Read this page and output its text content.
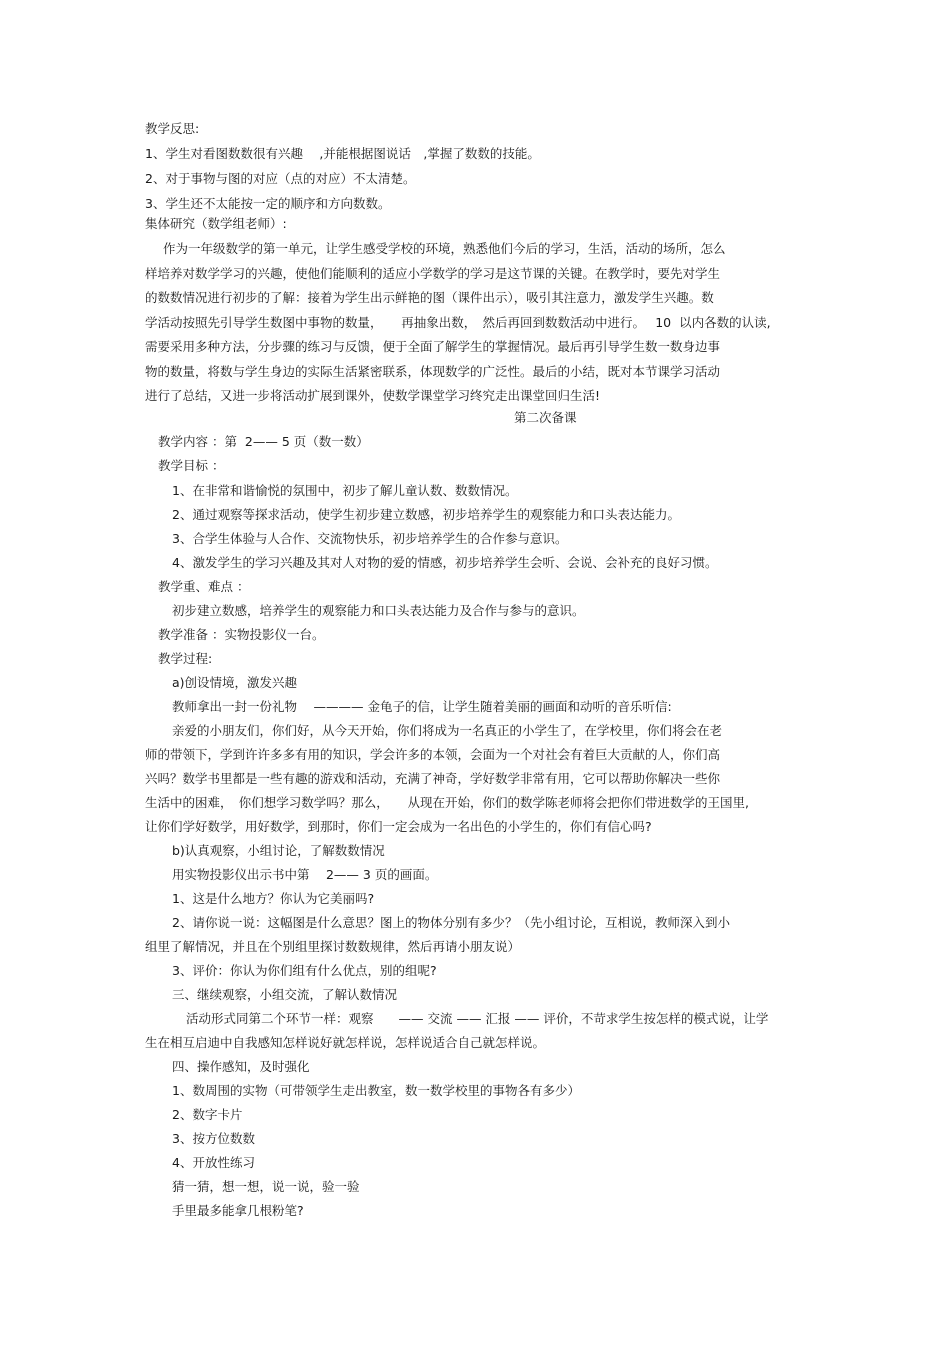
教学反思:
1、学生对看图数数很有兴趣　 ,并能根据图说话　,掌握了数数的技能。
2、对于事物与图的对应（点的对应）不太清楚。
3、学生还不太能按一定的顺序和方向数数。
集体研究（数学组老师）:
作为一年级数学的第一单元，让学生感受学校的环境，熟悉他们今后的学习，生活，活动的场所，怎么
样培养对数学学习的兴趣，使他们能顺利的适应小学数学的学习是这节课的关键。在教学时，要先对学生
的数数情况进行初步的了解：接着为学生出示鲜艳的图（课件出示），吸引其注意力，激发学生兴趣。数
学活动按照先引导学生数图中事物的数量，　　再抽象出数，　然后再回到数数活动中进行。　 10  以内各数的认读,
需要采用多种方法，分步骤的练习与反馈，便于全面了解学生的掌握情况。最后再引导学生数一数身边事
物的数量，将数与学生身边的实际生活紧密联系，体现数学的广泛性。最后的小结，既对本节课学习活动
进行了总结，又进一步将活动扩展到课外，使数学课堂学习终究走出课堂回归生活!
第二次备课
教学内容 ：第  2—— 5 页（数一数）
教学目标 ：
1、在非常和谐愉悦的氛围中，初步了解儿童认数、数数情况。
2、通过观察等探求活动，使学生初步建立数感，初步培养学生的观察能力和口头表达能力。
3、合学生体验与人合作、交流物快乐，初步培养学生的合作参与意识。
4、激发学生的学习兴趣及其对人对物的爱的情感，初步培养学生会听、会说、会补充的良好习惯。
教学重、难点 ：
初步建立数感，培养学生的观察能力和口头表达能力及合作与参与的意识。
教学准备 ：实物投影仪一台。
教学过程:
a)创设情境，激发兴趣
教师拿出一封一份礼物　 ———— 金龟子的信，让学生随着美丽的画面和动听的音乐听信:
亲爱的小朋友们，你们好，从今天开始，你们将成为一名真正的小学生了，在学校里，你们将会在老
师的带领下，学到许许多多有用的知识，学会许多的本领，会面为一个对社会有着巨大贡献的人，你们高
兴吗？数学书里都是一些有趣的游戏和活动，充满了神奇，学好数学非常有用，它可以帮助你解决一些你
生活中的困难，　你们想学习数学吗？那么，　　从现在开始，你们的数学陈老师将会把你们带进数学的王国里,
让你们学好数学，用好数学，到那时，你们一定会成为一名出色的小学生的，你们有信心吗?
b)认真观察，小组讨论，了解数数情况
用实物投影仪出示书中第　 2—— 3 页的画面。
1、这是什么地方？你认为它美丽吗?
2、请你说一说：这幅图是什么意思？图上的物体分别有多少？（先小组讨论，互相说，教师深入到小
组里了解情况，并且在个别组里探讨数数规律，然后再请小朋友说）
3、评价：你认为你们组有什么优点，别的组呢?
三、继续观察，小组交流，了解认数情况
活动形式同第二个环节一样：观察　　—— 交流 —— 汇报 —— 评价，不苛求学生按怎样的模式说，让学
生在相互启迪中自我感知怎样说好就怎样说，怎样说适合自己就怎样说。
四、操作感知，及时强化
1、数周围的实物（可带领学生走出教室，数一数学校里的事物各有多少）
2、数字卡片
3、按方位数数
4、开放性练习
猜一猜，想一想，说一说，验一验
手里最多能拿几根粉笔?
